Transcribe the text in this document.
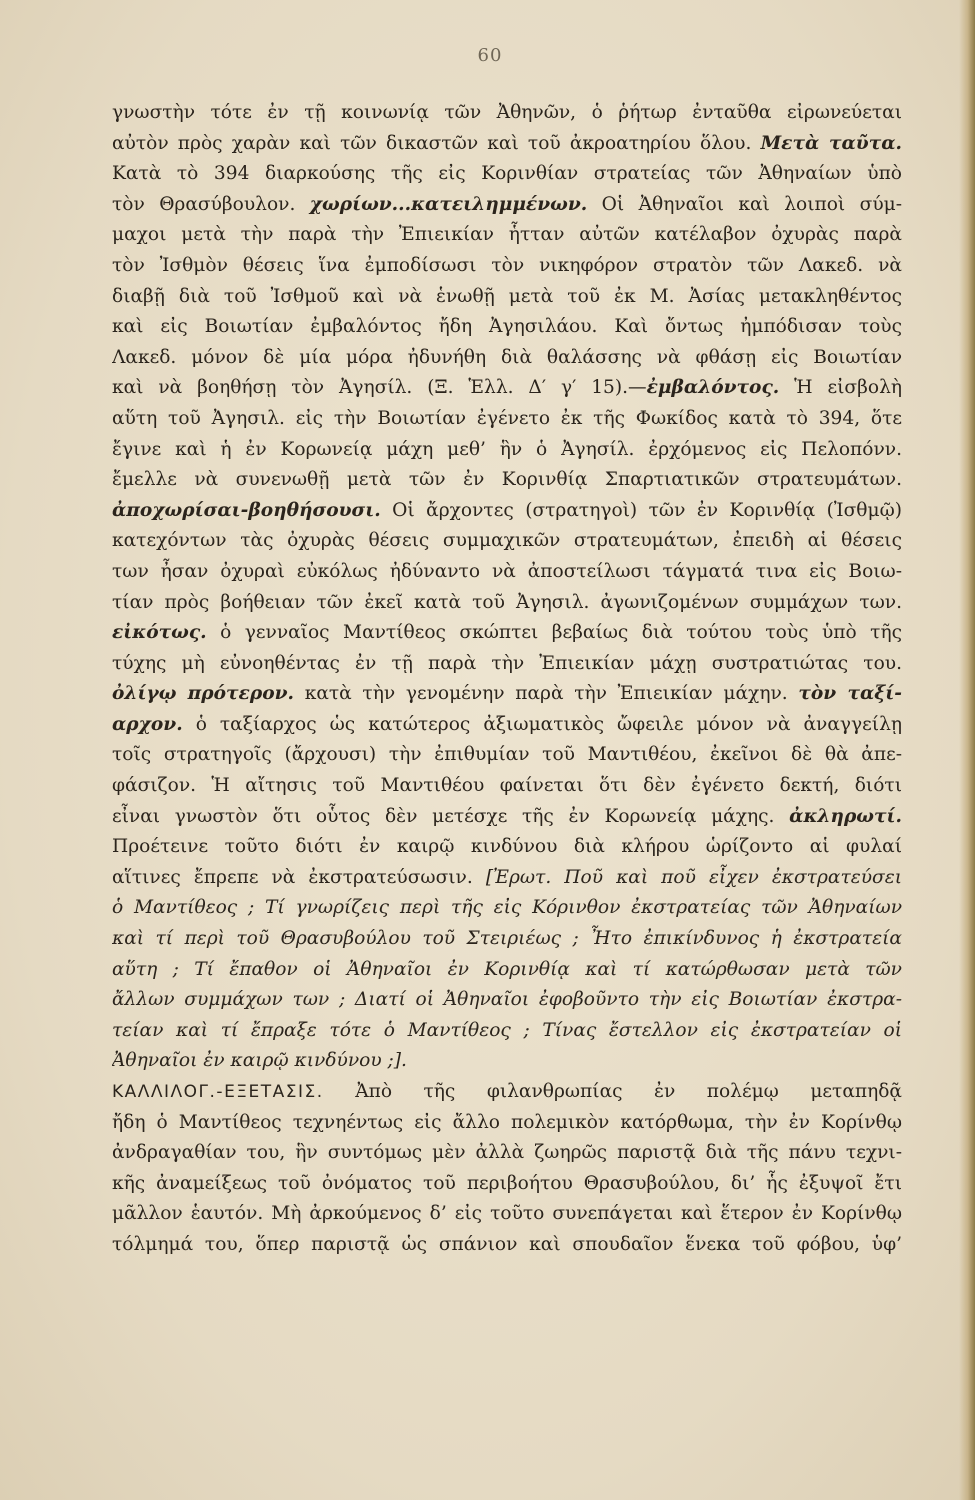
60
γνωστὴν τότε ἐν τῇ κοινωνίᾳ τῶν Ἀθηνῶν, ὁ ῥήτωρ ἐνταῦθα εἰρωνεύεται
αὐτὸν πρὸς χαρὰν καὶ τῶν δικαστῶν καὶ τοῦ ἀκροατηρίου ὅλου. Μετὰ ταῦτα.
Κατὰ τὸ 394 διαρκούσης τῆς εἰς Κορινθίαν στρατείας τῶν Ἀθηναίων ὑπὸ
τὸν Θρασύβουλον. χωρίων...κατειλημμένων. Οἱ Ἀθηναῖοι καὶ λοιποὶ σύμ-
μαχοι μετὰ τὴν παρὰ τὴν Ἐπιεικίαν ἧτταν αὐτῶν κατέλαβον ὀχυρὰς παρὰ
τὸν Ἰσθμὸν θέσεις ἵνα ἐμποδίσωσι τὸν νικηφόρον στρατὸν τῶν Λακεδ. νὰ
διαβῇ διὰ τοῦ Ἰσθμοῦ καὶ νὰ ἑνωθῇ μετὰ τοῦ ἐκ Μ. Ἀσίας μετακληθέντος
καὶ εἰς Βοιωτίαν ἐμβαλόντος ἤδη Ἀγησιλάου. Καὶ ὄντως ἠμπόδισαν τοὺς
Λακεδ. μόνον δὲ μία μόρα ἠδυνήθη διὰ θαλάσσης νὰ φθάσῃ εἰς Βοιωτίαν
καὶ νὰ βοηθήσῃ τὸν Ἀγησίλ. (Ξ. Ἑλλ. Δ′ γ′ 15).—ἐμβαλόντος. Ἡ εἰσβολὴ
αὕτη τοῦ Ἀγησιλ. εἰς τὴν Βοιωτίαν ἐγένετο ἐκ τῆς Φωκίδος κατὰ τὸ 394, ὅτε
ἔγινε καὶ ἡ ἐν Κορωνείᾳ μάχη μεθ’ ἣν ὁ Ἀγησίλ. ἐρχόμενος εἰς Πελοπόνν.
ἔμελλε νὰ συνενωθῇ μετὰ τῶν ἐν Κορινθίᾳ Σπαρτιατικῶν στρατευμάτων.
ἀποχωρίσαι-βοηθήσουσι. Οἱ ἄρχοντες (στρατηγοὶ) τῶν ἐν Κορινθίᾳ (Ἰσθμῷ)
κατεχόντων τὰς ὀχυρὰς θέσεις συμμαχικῶν στρατευμάτων, ἐπειδὴ αἱ θέσεις
των ἦσαν ὀχυραὶ εὐκόλως ἠδύναντο νὰ ἀποστείλωσι τάγματά τινα εἰς Βοιω-
τίαν πρὸς βοήθειαν τῶν ἐκεῖ κατὰ τοῦ Ἀγησιλ. ἀγωνιζομένων συμμάχων των.
εἰκότως. ὁ γενναῖος Μαντίθεος σκώπτει βεβαίως διὰ τούτου τοὺς ὑπὸ τῆς
τύχης μὴ εὐνοηθέντας ἐν τῇ παρὰ τὴν Ἐπιεικίαν μάχῃ συστρατιώτας του.
ὀλίγῳ πρότερον. κατὰ τὴν γενομένην παρὰ τὴν Ἐπιεικίαν μάχην. τὸν ταξί-
αρχον. ὁ ταξίαρχος ὡς κατώτερος ἀξιωματικὸς ὤφειλε μόνον νὰ ἀναγγείλῃ
τοῖς στρατηγοῖς (ἄρχουσι) τὴν ἐπιθυμίαν τοῦ Μαντιθέου, ἐκεῖνοι δὲ θὰ ἀπε-
φάσιζον. Ἡ αἴτησις τοῦ Μαντιθέου φαίνεται ὅτι δὲν ἐγένετο δεκτή, διότι
εἶναι γνωστὸν ὅτι οὗτος δὲν μετέσχε τῆς ἐν Κορωνείᾳ μάχης. ἀκληρωτί.
Προέτεινε τοῦτο διότι ἐν καιρῷ κινδύνου διὰ κλήρου ὡρίζοντο αἱ φυλαί
αἵτινες ἔπρεπε νὰ ἐκστρατεύσωσιν. [Ἐρωτ. Ποῦ καὶ ποῦ εἶχεν ἐκστρατεύσει
ὁ Μαντίθεος ; Τί γνωρίζεις περὶ τῆς εἰς Κόρινθον ἐκστρατείας τῶν Ἀθηναίων
καὶ τί περὶ τοῦ Θρασυβούλου τοῦ Στειριέως ; Ἦτο ἐπικίνδυνος ἡ ἐκστρατεία
αὕτη ; Τί ἔπαθον οἱ Ἀθηναῖοι ἐν Κορινθίᾳ καὶ τί κατώρθωσαν μετὰ τῶν
ἄλλων συμμάχων των ; Διατί οἱ Ἀθηναῖοι ἐφοβοῦντο τὴν εἰς Βοιωτίαν ἐκστρα-
τείαν καὶ τί ἔπραξε τότε ὁ Μαντίθεος ; Τίνας ἔστελλον εἰς ἐκστρατείαν οἱ
Ἀθηναῖοι ἐν καιρῷ κινδύνου ;].
ΚΑΛΛΙΛΟΓ.-ΕΞΕΤΑΣΙΣ. Ἀπὸ τῆς φιλανθρωπίας ἐν πολέμῳ μεταπηδᾷ
ἤδη ὁ Μαντίθεος τεχνηέντως εἰς ἄλλο πολεμικὸν κατόρθωμα, τὴν ἐν Κορίνθῳ
ἀνδραγαθίαν του, ἣν συντόμως μὲν ἀλλὰ ζωηρῶς παριστᾷ διὰ τῆς πάνυ τεχνι-
κῆς ἀναμείξεως τοῦ ὀνόματος τοῦ περιβοήτου Θρασυβούλου, δι’ ἧς ἐξυψοῖ ἔτι
μᾶλλον ἑαυτόν. Μὴ ἀρκούμενος δ’ εἰς τοῦτο συνεπάγεται καὶ ἕτερον ἐν Κορίνθῳ
τόλμημά του, ὅπερ παριστᾷ ὡς σπάνιον καὶ σπουδαῖον ἕνεκα τοῦ φόβου, ὑφ’
